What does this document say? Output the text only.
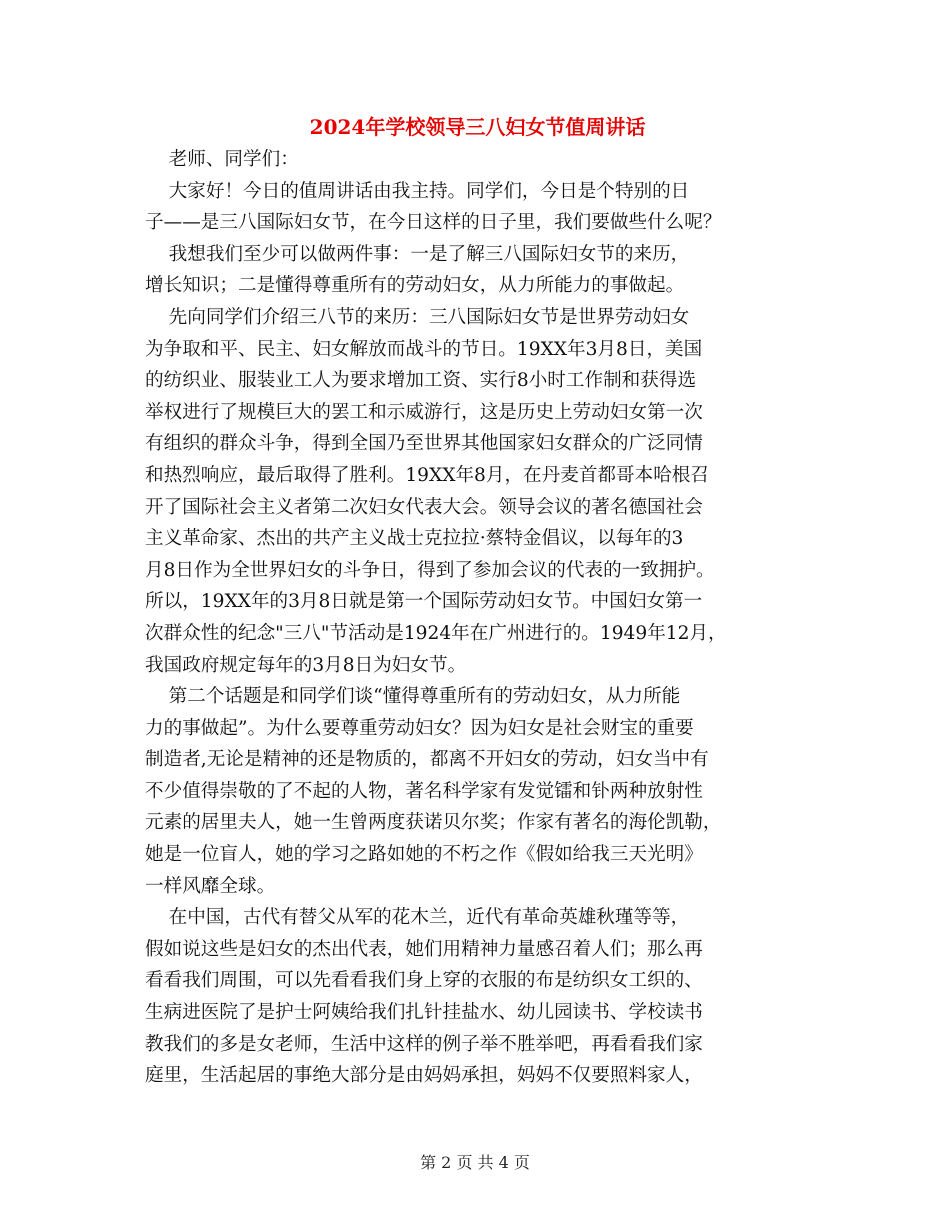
2024年学校领导三八妇女节值周讲话
老师、同学们：
大家好！今日的值周讲话由我主持。同学们，今日是个特别的日
子——是三八国际妇女节，在今日这样的日子里，我们要做些什么呢？
我想我们至少可以做两件事：一是了解三八国际妇女节的来历，
增长知识；二是懂得尊重所有的劳动妇女，从力所能力的事做起。
先向同学们介绍三八节的来历：三八国际妇女节是世界劳动妇女
为争取和平、民主、妇女解放而战斗的节日。19XX年3月8日，美国
的纺织业、服装业工人为要求增加工资、实行8小时工作制和获得选
举权进行了规模巨大的罢工和示威游行，这是历史上劳动妇女第一次
有组织的群众斗争，得到全国乃至世界其他国家妇女群众的广泛同情
和热烈响应，最后取得了胜利。19XX年8月，在丹麦首都哥本哈根召
开了国际社会主义者第二次妇女代表大会。领导会议的著名德国社会
主义革命家、杰出的共产主义战士克拉拉·蔡特金倡议，以每年的3
月8日作为全世界妇女的斗争日，得到了参加会议的代表的一致拥护。
所以，19XX年的3月8日就是第一个国际劳动妇女节。中国妇女第一
次群众性的纪念"三八"节活动是1924年在广州进行的。1949年12月，
我国政府规定每年的3月8日为妇女节。
第二个话题是和同学们谈“懂得尊重所有的劳动妇女，从力所能
力的事做起”。为什么要尊重劳动妇女？因为妇女是社会财宝的重要
制造者,无论是精神的还是物质的，都离不开妇女的劳动，妇女当中有
不少值得崇敬的了不起的人物，著名科学家有发觉镭和钋两种放射性
元素的居里夫人，她一生曾两度获诺贝尔奖；作家有著名的海伦凯勒，
她是一位盲人，她的学习之路如她的不朽之作《假如给我三天光明》
一样风靡全球。
在中国，古代有替父从军的花木兰，近代有革命英雄秋瑾等等，
假如说这些是妇女的杰出代表，她们用精神力量感召着人们；那么再
看看我们周围，可以先看看我们身上穿的衣服的布是纺织女工织的、
生病进医院了是护士阿姨给我们扎针挂盐水、幼儿园读书、学校读书
教我们的多是女老师，生活中这样的例子举不胜举吧，再看看我们家
庭里，生活起居的事绝大部分是由妈妈承担，妈妈不仅要照料家人，
第 2 页 共 4 页
